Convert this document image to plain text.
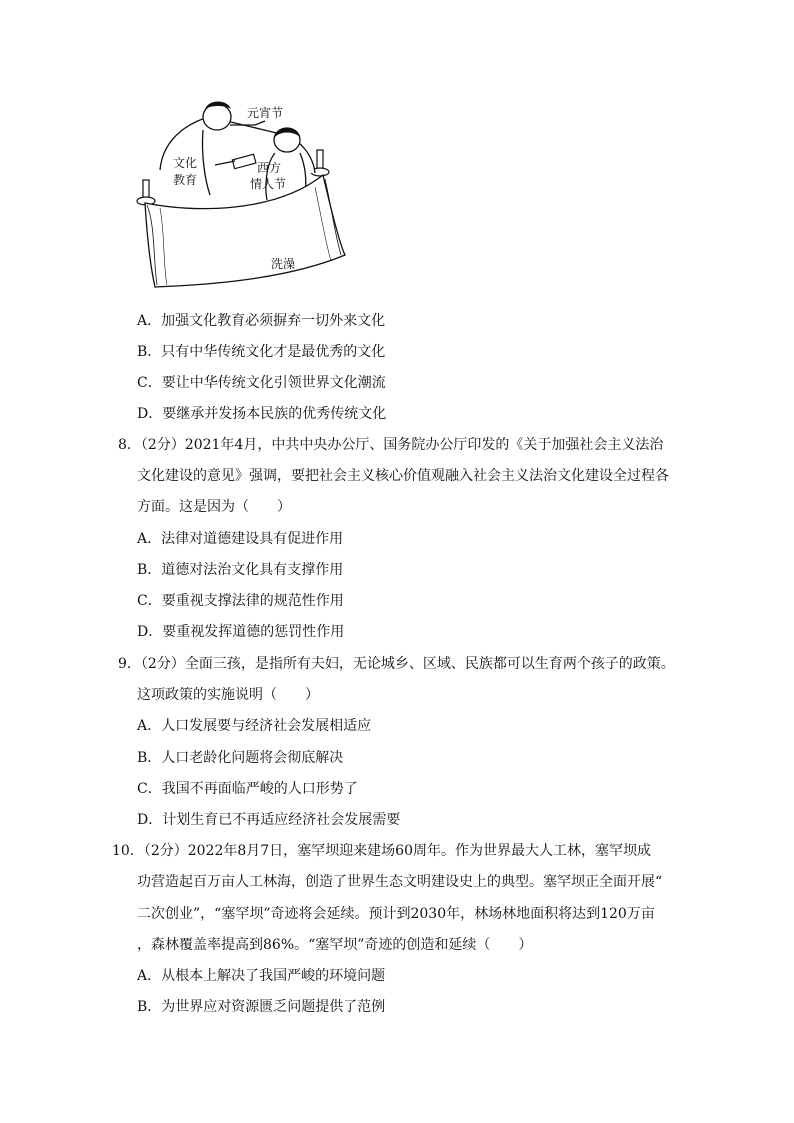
元宵节
文化
教育
西方
情人节
洗澡
A．加强文化教育必须摒弃一切外来文化
B．只有中华传统文化才是最优秀的文化
C．要让中华传统文化引领世界文化潮流
D．要继承并发扬本民族的优秀传统文化
8．（2分）2021年4月，中共中央办公厅、国务院办公厅印发的《关于加强社会主义法治
文化建设的意见》强调，要把社会主义核心价值观融入社会主义法治文化建设全过程各
方面。这是因为（　　）
A．法律对道德建设具有促进作用
B．道德对法治文化具有支撑作用
C．要重视支撑法律的规范性作用
D．要重视发挥道德的惩罚性作用
9．（2分）全面三孩，是指所有夫妇，无论城乡、区域、民族都可以生育两个孩子的政策。
这项政策的实施说明（　　）
A．人口发展要与经济社会发展相适应
B．人口老龄化问题将会彻底解决
C．我国不再面临严峻的人口形势了
D．计划生育已不再适应经济社会发展需要
10．（2分）2022年8月7日，塞罕坝迎来建场60周年。作为世界最大人工林，塞罕坝成
功营造起百万亩人工林海，创造了世界生态文明建设史上的典型。塞罕坝正全面开展“
二次创业”，“塞罕坝”奇迹将会延续。预计到2030年，林场林地面积将达到120万亩
，森林覆盖率提高到86%。“塞罕坝”奇迹的创造和延续（　　）
A．从根本上解决了我国严峻的环境问题
B．为世界应对资源匮乏问题提供了范例
